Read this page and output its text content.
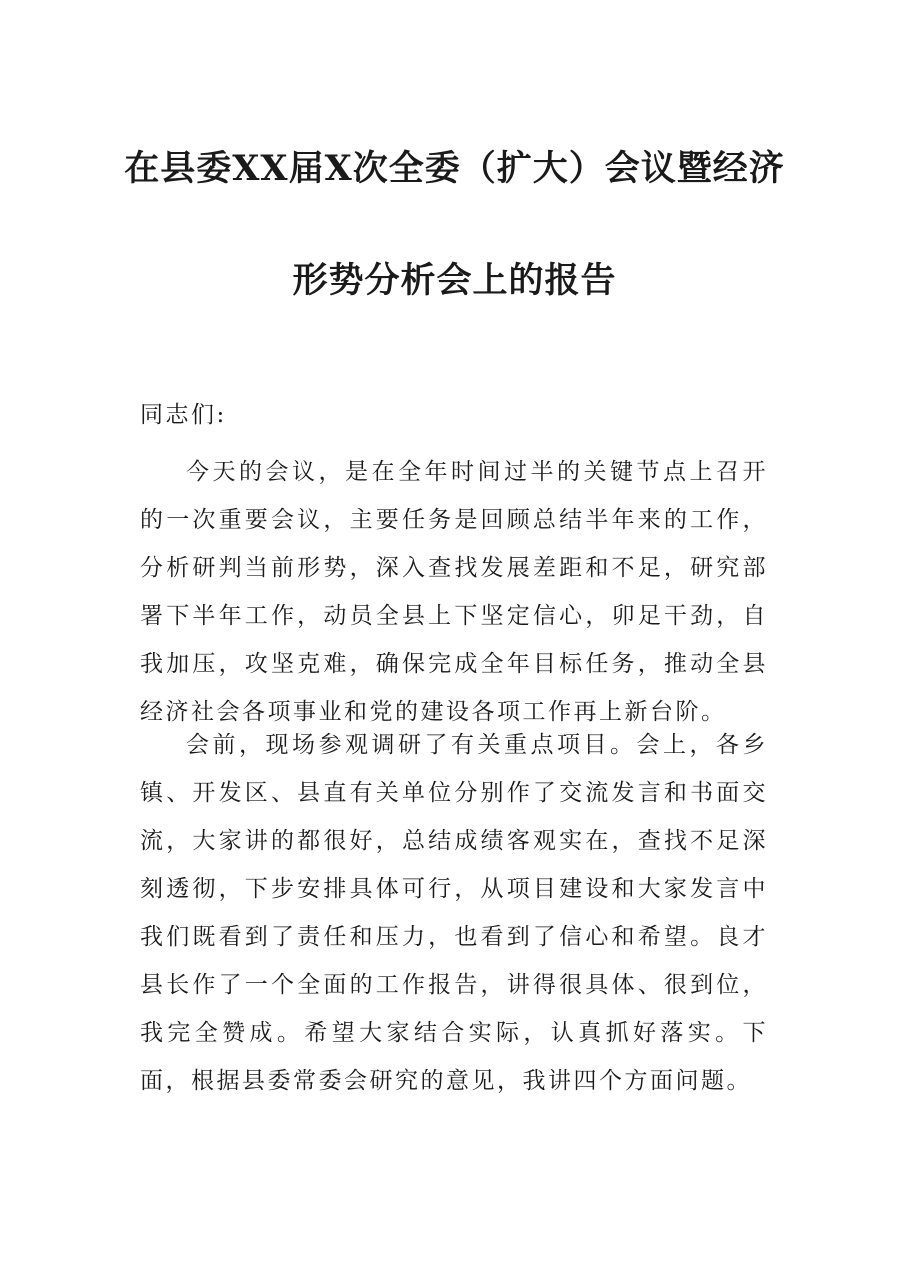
在县委XX届X次全委（扩大）会议暨经济
形势分析会上的报告

同志们:

今天的会议，是在全年时间过半的关键节点上召开的一次重要会议，主要任务是回顾总结半年来的工作，分析研判当前形势，深入查找发展差距和不足，研究部署下半年工作，动员全县上下坚定信心，卯足干劲，自我加压，攻坚克难，确保完成全年目标任务，推动全县经济社会各项事业和党的建设各项工作再上新台阶。

会前，现场参观调研了有关重点项目。会上，各乡镇、开发区、县直有关单位分别作了交流发言和书面交流，大家讲的都很好，总结成绩客观实在，查找不足深刻透彻，下步安排具体可行，从项目建设和大家发言中我们既看到了责任和压力，也看到了信心和希望。良才县长作了一个全面的工作报告，讲得很具体、很到位，我完全赞成。希望大家结合实际，认真抓好落实。下面，根据县委常委会研究的意见，我讲四个方面问题。
